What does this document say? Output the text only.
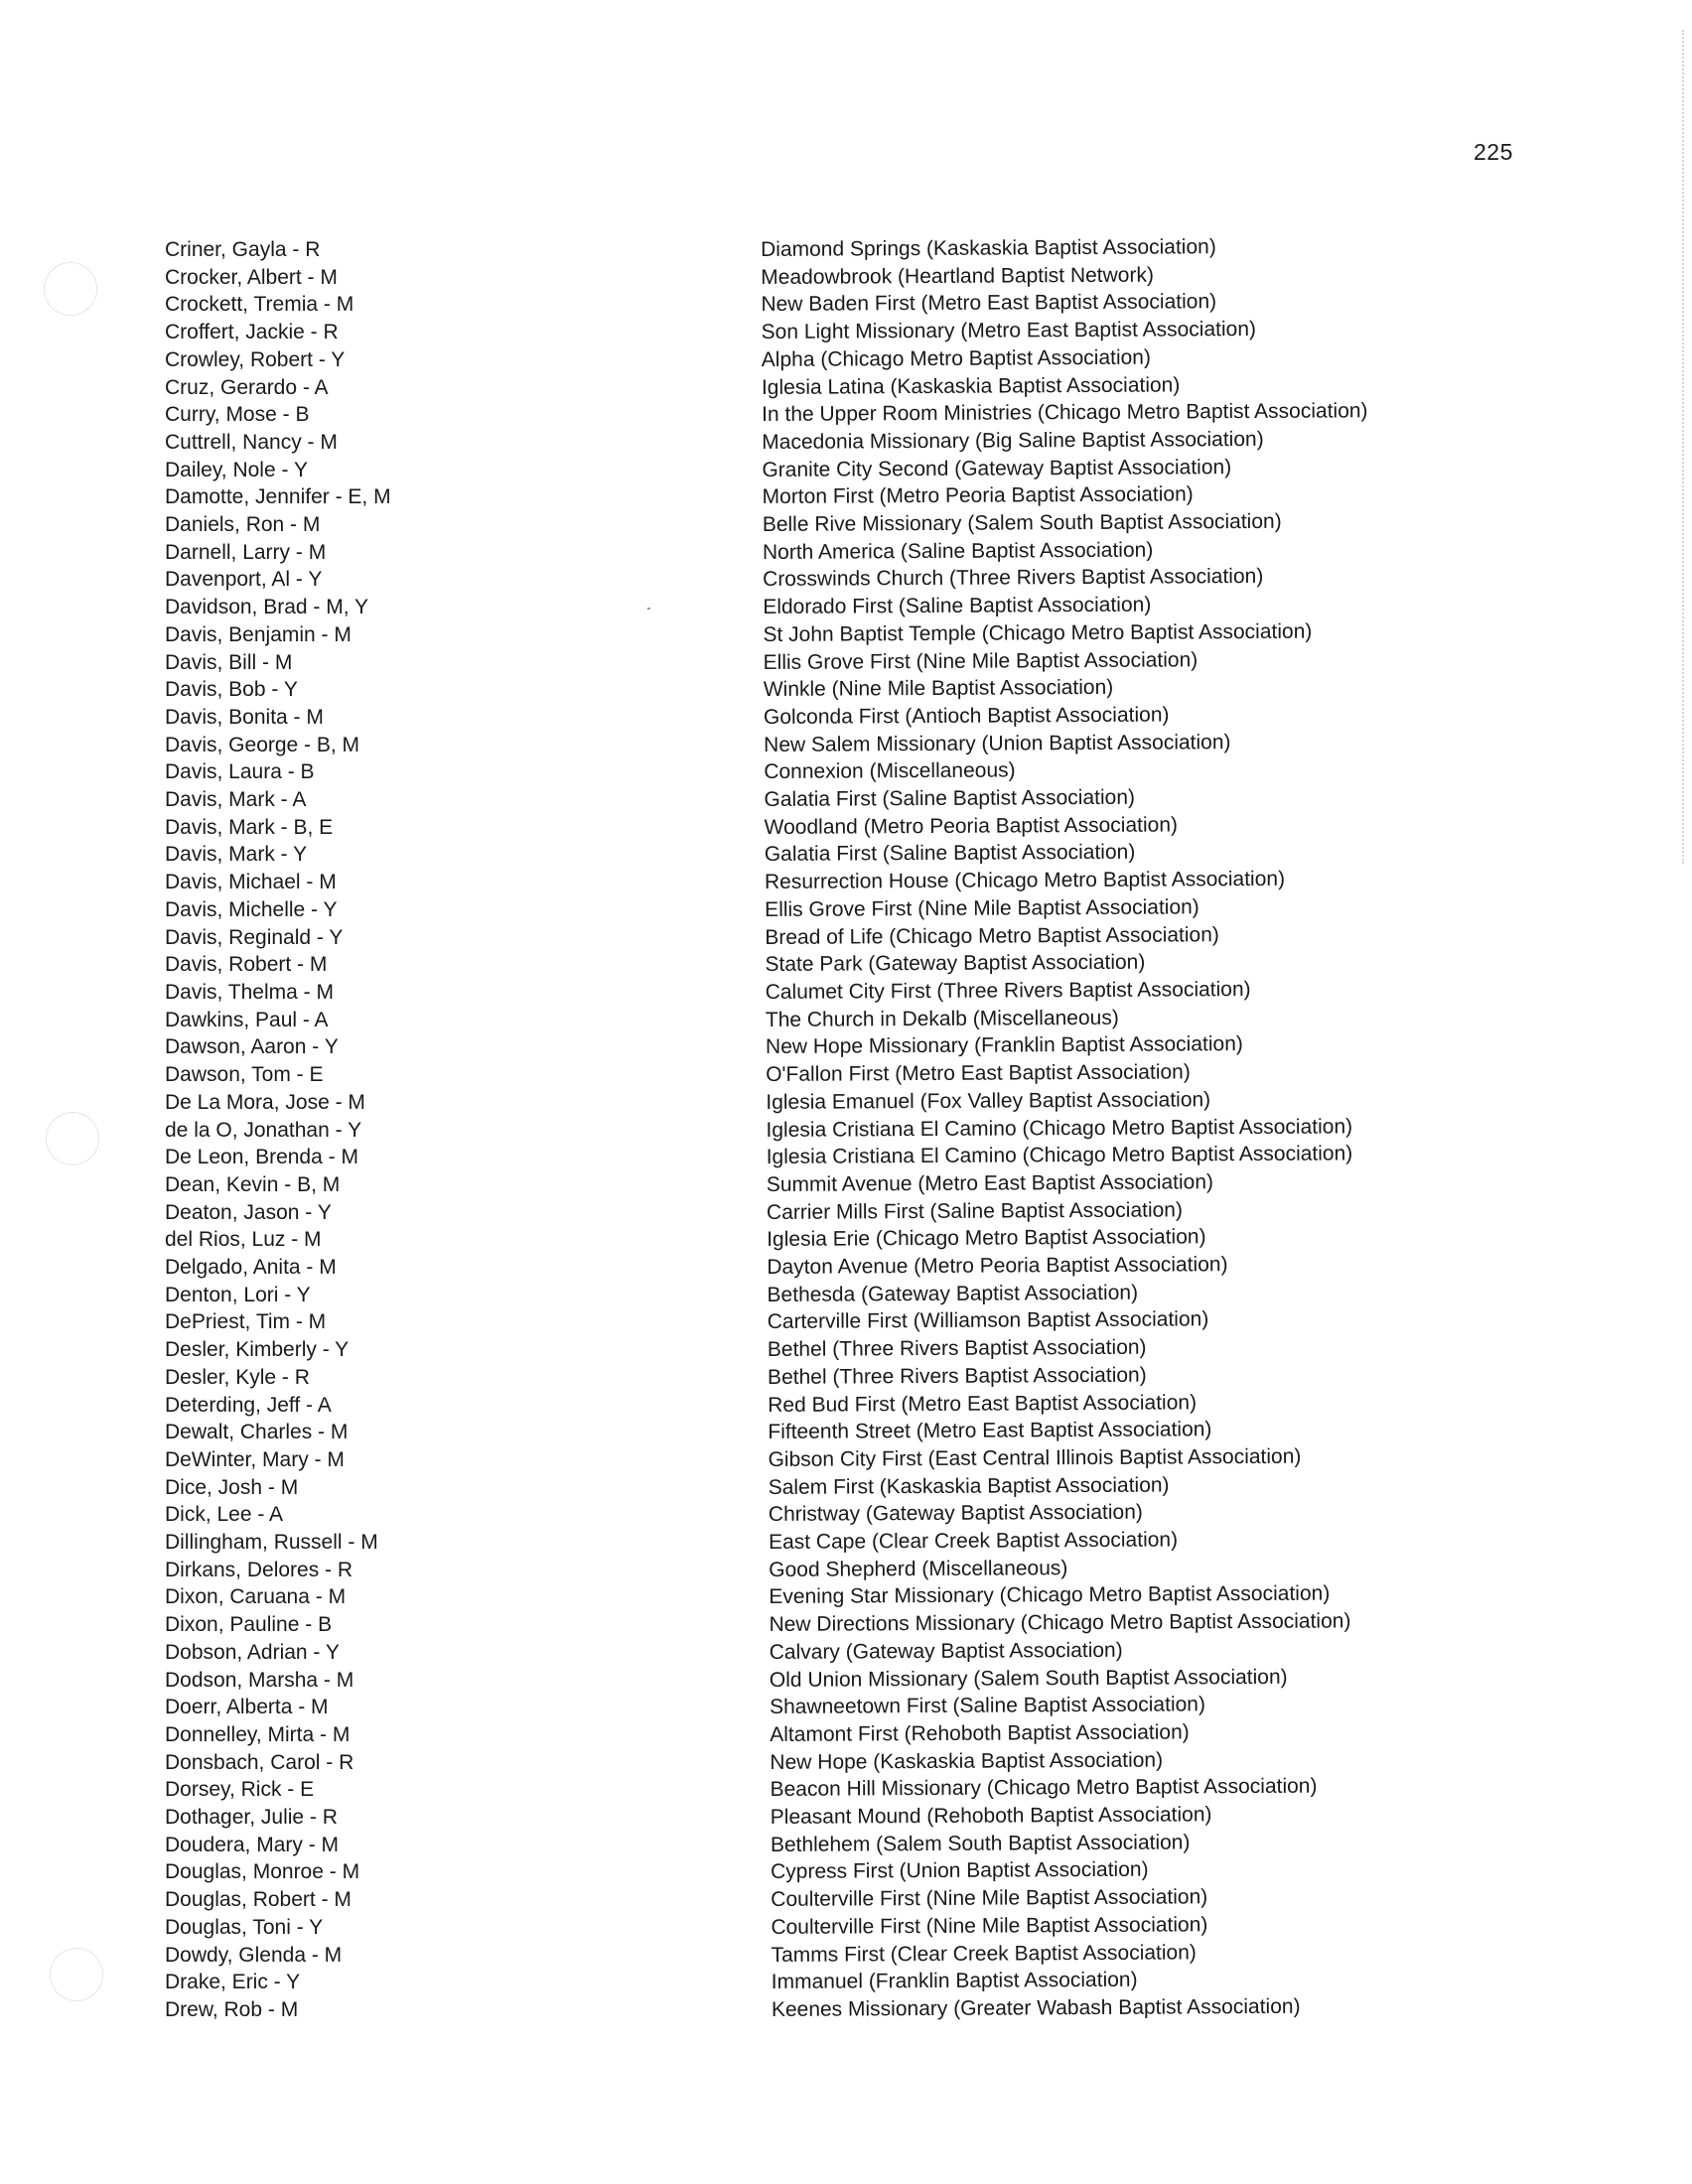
225
Criner, Gayla - R
Crocker, Albert - M
Crockett, Tremia - M
Croffert, Jackie - R
Crowley, Robert - Y
Cruz, Gerardo - A
Curry, Mose - B
Cuttrell, Nancy - M
Dailey, Nole - Y
Damotte, Jennifer - E, M
Daniels, Ron - M
Darnell, Larry - M
Davenport, Al - Y
Davidson, Brad - M, Y
Davis, Benjamin - M
Davis, Bill - M
Davis, Bob - Y
Davis, Bonita - M
Davis, George - B, M
Davis, Laura - B
Davis, Mark - A
Davis, Mark - B, E
Davis, Mark - Y
Davis, Michael - M
Davis, Michelle - Y
Davis, Reginald - Y
Davis, Robert - M
Davis, Thelma - M
Dawkins, Paul - A
Dawson, Aaron - Y
Dawson, Tom - E
De La Mora, Jose - M
de la O, Jonathan - Y
De Leon, Brenda - M
Dean, Kevin - B, M
Deaton, Jason - Y
del Rios, Luz - M
Delgado, Anita - M
Denton, Lori - Y
DePriest, Tim - M
Desler, Kimberly - Y
Desler, Kyle - R
Deterding, Jeff - A
Dewalt, Charles - M
DeWinter, Mary - M
Dice, Josh - M
Dick, Lee - A
Dillingham, Russell - M
Dirkans, Delores - R
Dixon, Caruana - M
Dixon, Pauline - B
Dobson, Adrian - Y
Dodson, Marsha - M
Doerr, Alberta - M
Donnelley, Mirta - M
Donsbach, Carol - R
Dorsey, Rick - E
Dothager, Julie - R
Doudera, Mary - M
Douglas, Monroe - M
Douglas, Robert - M
Douglas, Toni - Y
Dowdy, Glenda - M
Drake, Eric - Y
Drew, Rob - M
Diamond Springs (Kaskaskia Baptist Association)
Meadowbrook (Heartland Baptist Network)
New Baden First (Metro East Baptist Association)
Son Light Missionary (Metro East Baptist Association)
Alpha (Chicago Metro Baptist Association)
Iglesia Latina (Kaskaskia Baptist Association)
In the Upper Room Ministries (Chicago Metro Baptist Association)
Macedonia Missionary (Big Saline Baptist Association)
Granite City Second (Gateway Baptist Association)
Morton First (Metro Peoria Baptist Association)
Belle Rive Missionary (Salem South Baptist Association)
North America (Saline Baptist Association)
Crosswinds Church (Three Rivers Baptist Association)
Eldorado First (Saline Baptist Association)
St John Baptist Temple (Chicago Metro Baptist Association)
Ellis Grove First (Nine Mile Baptist Association)
Winkle (Nine Mile Baptist Association)
Golconda First (Antioch Baptist Association)
New Salem Missionary (Union Baptist Association)
Connexion (Miscellaneous)
Galatia First (Saline Baptist Association)
Woodland (Metro Peoria Baptist Association)
Galatia First (Saline Baptist Association)
Resurrection House (Chicago Metro Baptist Association)
Ellis Grove First (Nine Mile Baptist Association)
Bread of Life (Chicago Metro Baptist Association)
State Park (Gateway Baptist Association)
Calumet City First (Three Rivers Baptist Association)
The Church in Dekalb (Miscellaneous)
New Hope Missionary (Franklin Baptist Association)
O'Fallon First (Metro East Baptist Association)
Iglesia Emanuel (Fox Valley Baptist Association)
Iglesia Cristiana El Camino (Chicago Metro Baptist Association)
Iglesia Cristiana El Camino (Chicago Metro Baptist Association)
Summit Avenue (Metro East Baptist Association)
Carrier Mills First (Saline Baptist Association)
Iglesia Erie (Chicago Metro Baptist Association)
Dayton Avenue (Metro Peoria Baptist Association)
Bethesda (Gateway Baptist Association)
Carterville First (Williamson Baptist Association)
Bethel (Three Rivers Baptist Association)
Bethel (Three Rivers Baptist Association)
Red Bud First (Metro East Baptist Association)
Fifteenth Street (Metro East Baptist Association)
Gibson City First (East Central Illinois Baptist Association)
Salem First (Kaskaskia Baptist Association)
Christway (Gateway Baptist Association)
East Cape (Clear Creek Baptist Association)
Good Shepherd (Miscellaneous)
Evening Star Missionary (Chicago Metro Baptist Association)
New Directions Missionary (Chicago Metro Baptist Association)
Calvary (Gateway Baptist Association)
Old Union Missionary (Salem South Baptist Association)
Shawneetown First (Saline Baptist Association)
Altamont First (Rehoboth Baptist Association)
New Hope (Kaskaskia Baptist Association)
Beacon Hill Missionary (Chicago Metro Baptist Association)
Pleasant Mound (Rehoboth Baptist Association)
Bethlehem (Salem South Baptist Association)
Cypress First (Union Baptist Association)
Coulterville First (Nine Mile Baptist Association)
Coulterville First (Nine Mile Baptist Association)
Tamms First (Clear Creek Baptist Association)
Immanuel (Franklin Baptist Association)
Keenes Missionary (Greater Wabash Baptist Association)
